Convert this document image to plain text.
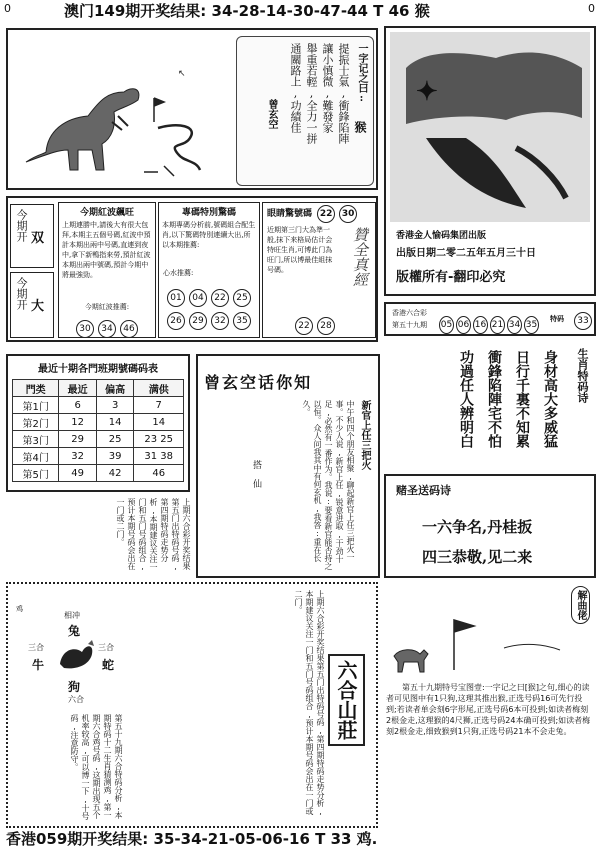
0	0
澳门149期开奖结果: 34-28-14-30-47-44 T 46 猴
↖	一字记之曰:
猴
提振士氣,衝鋒陷陣
讓小慎微,難發家
舉重若輕,全力一拼
通關路上,功績佳
曾玄空
✦
香港金人愉码集团出版
出版日期二零二五年五月三十日
版權所有-翻印必究
今期开 双
今期开 大
今期紅波飆旺
上期連勝中,請後大有很大包拜,本期主五個号碼,紅波中預計本期出兩中号碼,直連到夜中,拿下新鴨指來勞,預計紅波本期出兩中號碼,預計今期中將最強勁。
今期紅波推薦:
30 34 46
專碼特別驚碼
本期專碼分析前,號碼組合配生肖,以下驚碼特別連續大出,所以本期推薦:
心水推薦:
01 04 22 25
26 29 32 35
眼睛驚號碼 22 30
近期第三门大為準一般,抹下来格局估计会特旺生肖,可博此门為旺门,所以博最佳組抹号碼。	贊全真經
22 28
香港六合彩
第五十九期	05 06 16 21 34 35
特码	33
最近十期各門班期號碼码表
門类	最近	偏高	满供
第1门	6	3	7
第2门	12	14	14
第3门	29	25	23 25
第4门	32	39	31 38
第5门	49	42	46
曾玄空话你知
新官上任三把火
搭 仙	中午和四个朋友相聚,聊起新官上任三把火一事。不少人说,新官上任,锐意进取,干劲十足,必然有一番作为。我说:要看新官能否持之以恒。众人问我其中有何玄机,我答:重在长久。
生肖特码诗
身材高大多威猛
日行千裏不知累
衝鋒陷陣宅不怕
功過任人辨明白
赌圣送码诗
一六争名,丹桂扳
四三恭敬,见二来
上期六合彩开奖结果第五门出特码号码,第四期特码走势分析,本期建议关注一门和五门号码组合,预计本期号码会出在一门或二门。
相冲
兔
三合
牛
三合
蛇
狗
六合
鸡
第五十九期六合特码分析,本期特码十二生肖猜测鸡,第一期六合鸡号码,这期出现五个机率较高,可以博一下,十号码,注意防守。	上期六合彩开奖结果第五门出特码号码,第四期特码走势分析,本期建议关注一门和五门号码组合,预计本期号码会出在一门或二门。
六合山莊
解曲佬
第五十九期特号宝图壹:一字记之曰[猴]之句,细心的读者可见图中有1只狗,这理其推出猴,正选号码16可先行投到;若读者单会刻6字形尾,正选号码6本可投到;如读者梅刻2根金走,这理猴的4尺狮,正选号码24本确可投到;如读者梅刻2根金走,细致猴到1只狗,正选号码21本不会走兔。
香港059期开奖结果: 35-34-21-05-06-16 T 33 鸡.
